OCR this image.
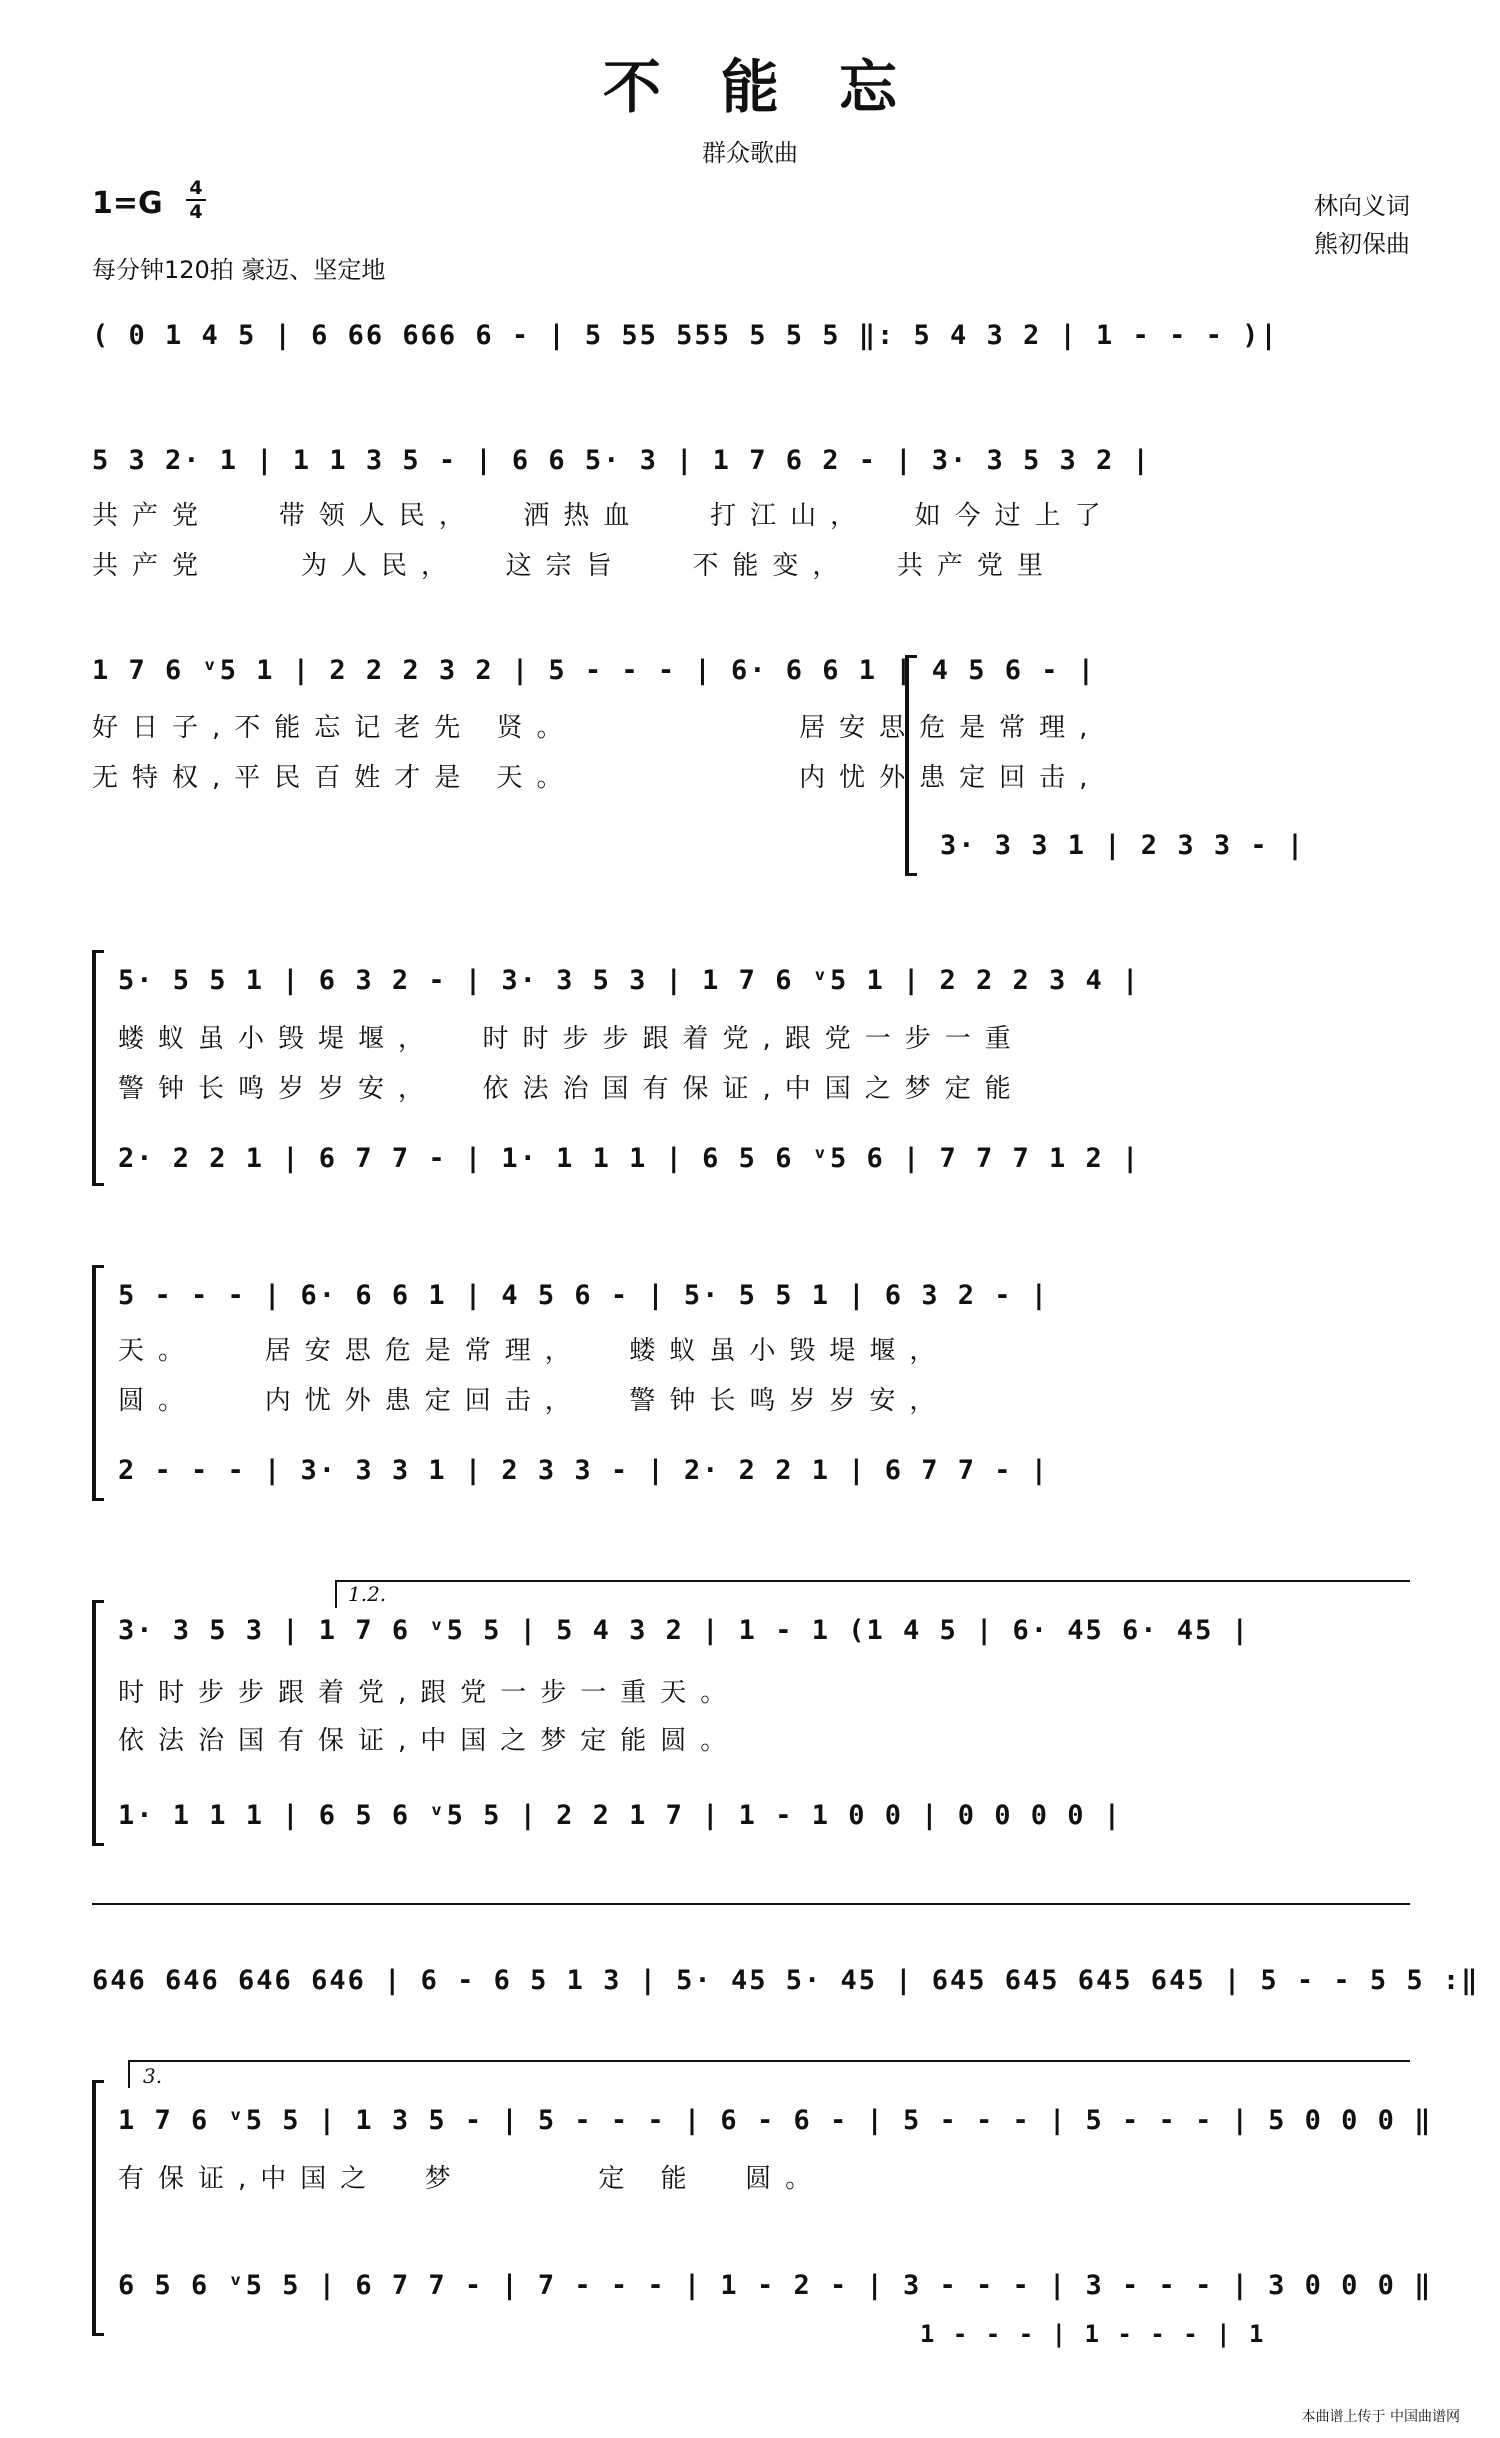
不能忘
群众歌曲
1=G 4
4
每分钟120拍 豪迈、坚定地
林向义词
熊初保曲
( 0 1 4 5 | 6 66 666 6 - | 5 55 555 5 5 5 ‖: 5 4 3 2 | 1 - - - )|
5 3 2· 1 | 1 1 3 5 - | 6 6 5· 3 | 1 7 6 2 - | 3· 3 5 3 2 |
共产党   带领人民，  洒热血   打江山，  如今过上了
共产党    为人民，  这宗旨   不能变，  共产党里
1 7 6 ᵛ5 1 | 2 2 2 3 2 | 5 - - - | 6· 6 6 1 | 4 5 6 - |
好日子,不能忘记老先 贤。          居安思危是常理,
无特权,平民百姓才是 天。          内忧外患定回击,
3· 3 3 1 | 2 3 3 - |
5· 5 5 1 | 6 3 2 - | 3· 3 5 3 | 1 7 6 ᵛ5 1 | 2 2 2 3 4 |
蝼蚁虽小毁堤堰，  时时步步跟着党,跟党一步一重
警钟长鸣岁岁安，  依法治国有保证,中国之梦定能
2· 2 2 1 | 6 7 7 - | 1· 1 1 1 | 6 5 6 ᵛ5 6 | 7 7 7 1 2 |
5 - - - | 6· 6 6 1 | 4 5 6 - | 5· 5 5 1 | 6 3 2 - |
天。   居安思危是常理，  蝼蚁虽小毁堤堰，
圆。   内忧外患定回击，  警钟长鸣岁岁安，
2 - - - | 3· 3 3 1 | 2 3 3 - | 2· 2 2 1 | 6 7 7 - |
1.2.
3· 3 5 3 | 1 7 6 ᵛ5 5 | 5 4 3 2 | 1 - 1 (1 4 5 | 6· 45 6· 45 |
时时步步跟着党,跟党一步一重天。
依法治国有保证,中国之梦定能圆。
1· 1 1 1 | 6 5 6 ᵛ5 5 | 2 2 1 7 | 1 - 1 0 0 | 0 0 0 0 |
646 646 646 646 | 6 - 6 5 1 3 | 5· 45 5· 45 | 645 645 645 645 | 5 - - 5 5 :‖
3.
1 7 6 ᵛ5 5 | 1 3 5 - | 5 - - - | 6 - 6 - | 5 - - - | 5 - - - | 5 0 0 0 ‖
有保证,中国之  梦      定 能  圆。
6 5 6 ᵛ5 5 | 6 7 7 - | 7 - - - | 1 - 2 - | 3 - - - | 3 - - - | 3 0 0 0 ‖
1 - - - | 1 - - - | 1
本曲谱上传于 中国曲谱网
